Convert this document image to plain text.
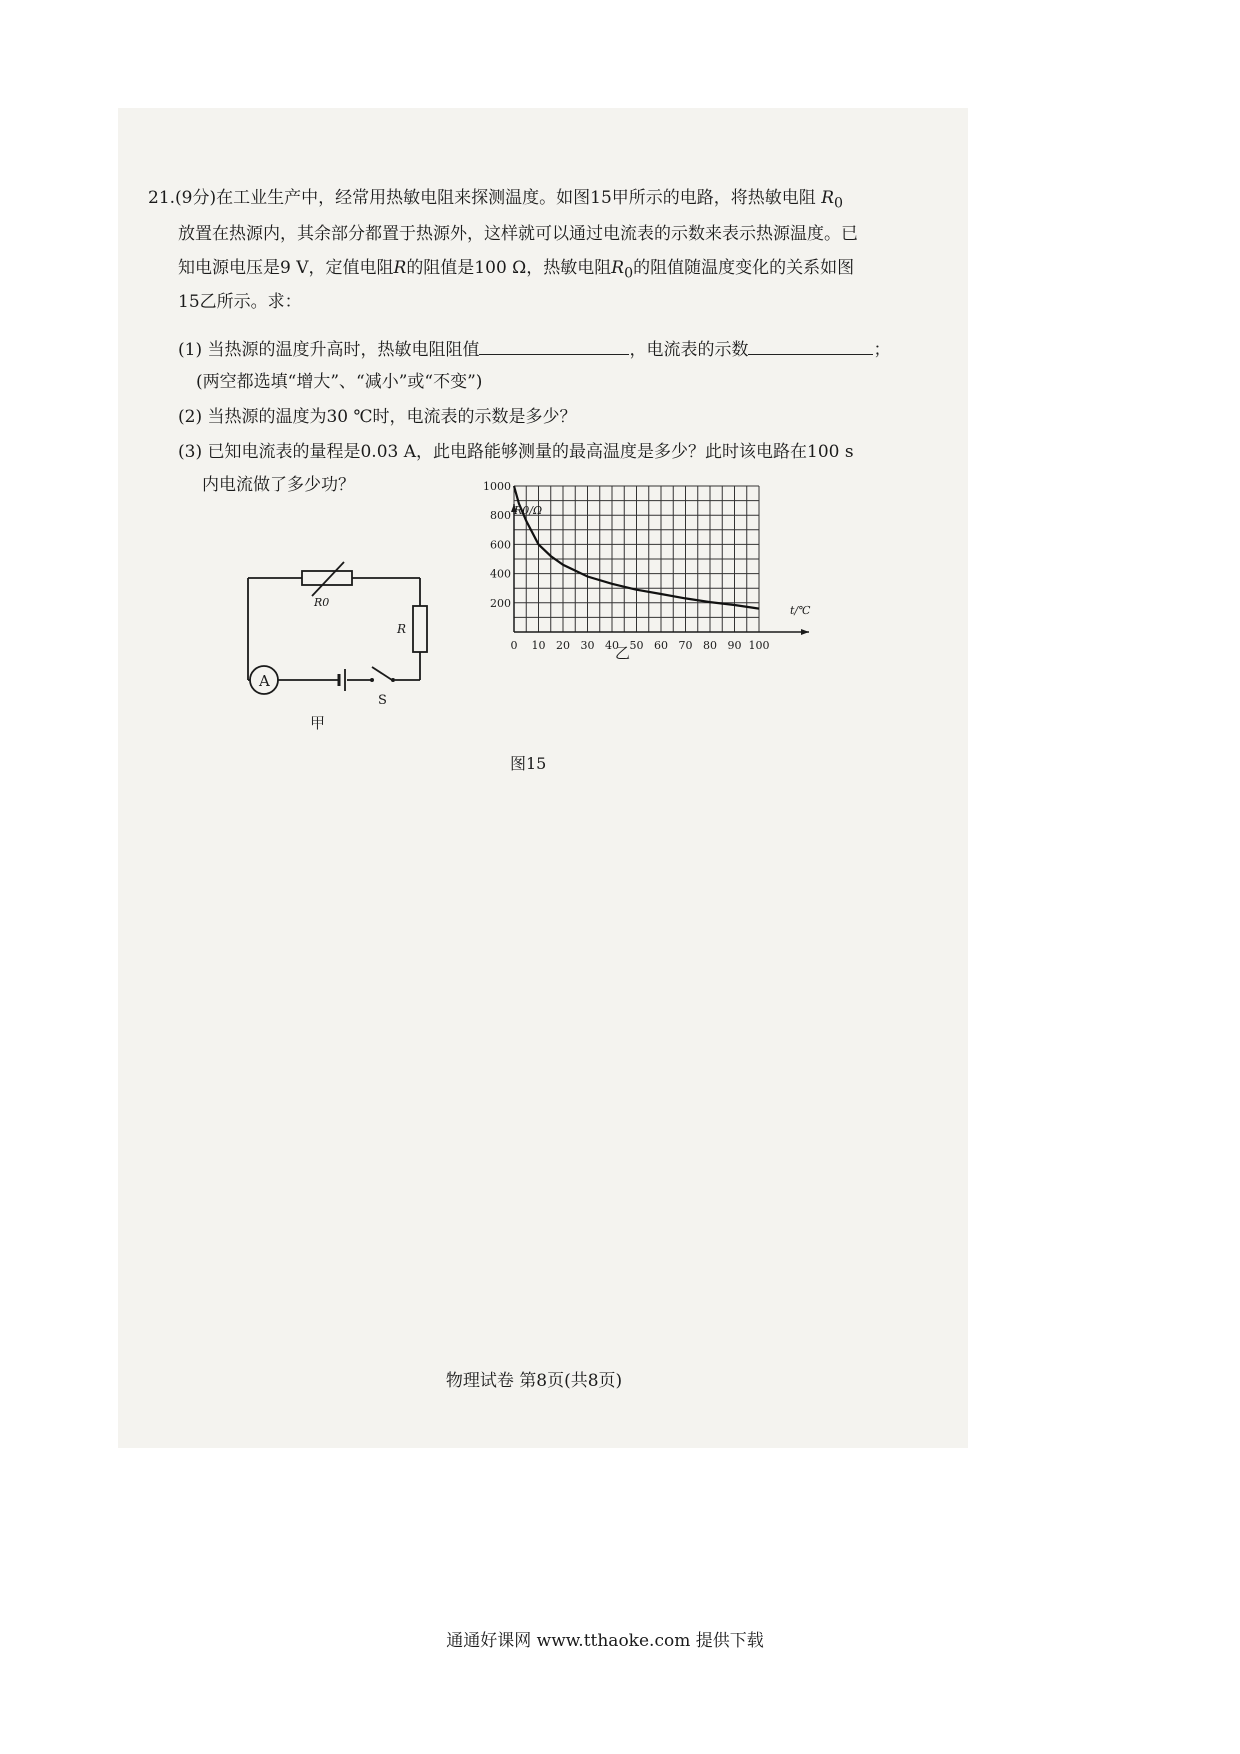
21.(9分)在工业生产中，经常用热敏电阻来探测温度。如图15甲所示的电路，将热敏电阻 $R_0$
放置在热源内，其余部分都置于热源外，这样就可以通过电流表的示数来表示热源温度。已
知电源电压是9 V，定值电阻R的阻值是100 Ω，热敏电阻$R_0$的阻值随温度变化的关系如图
15乙所示。求：
(1) 当热源的温度升高时，热敏电阻阻值	，电流表的示数	；
(两空都选填“增大”、“减小”或“不变”)
(2) 当热源的温度为30 ℃时，电流表的示数是多少？
(3) 已知电流表的量程是0.03 A，此电路能够测量的最高温度是多少？此时该电路在100 s
内电流做了多少功？
R0
R
A
S
甲
0 10 20 30 40 50 60 70 80 90 100
200
400
600
800
1000
R0/Ω
t/℃
乙
图15
物理试卷 第8页(共8页)
通通好课网 www.tthaoke.com 提供下载
